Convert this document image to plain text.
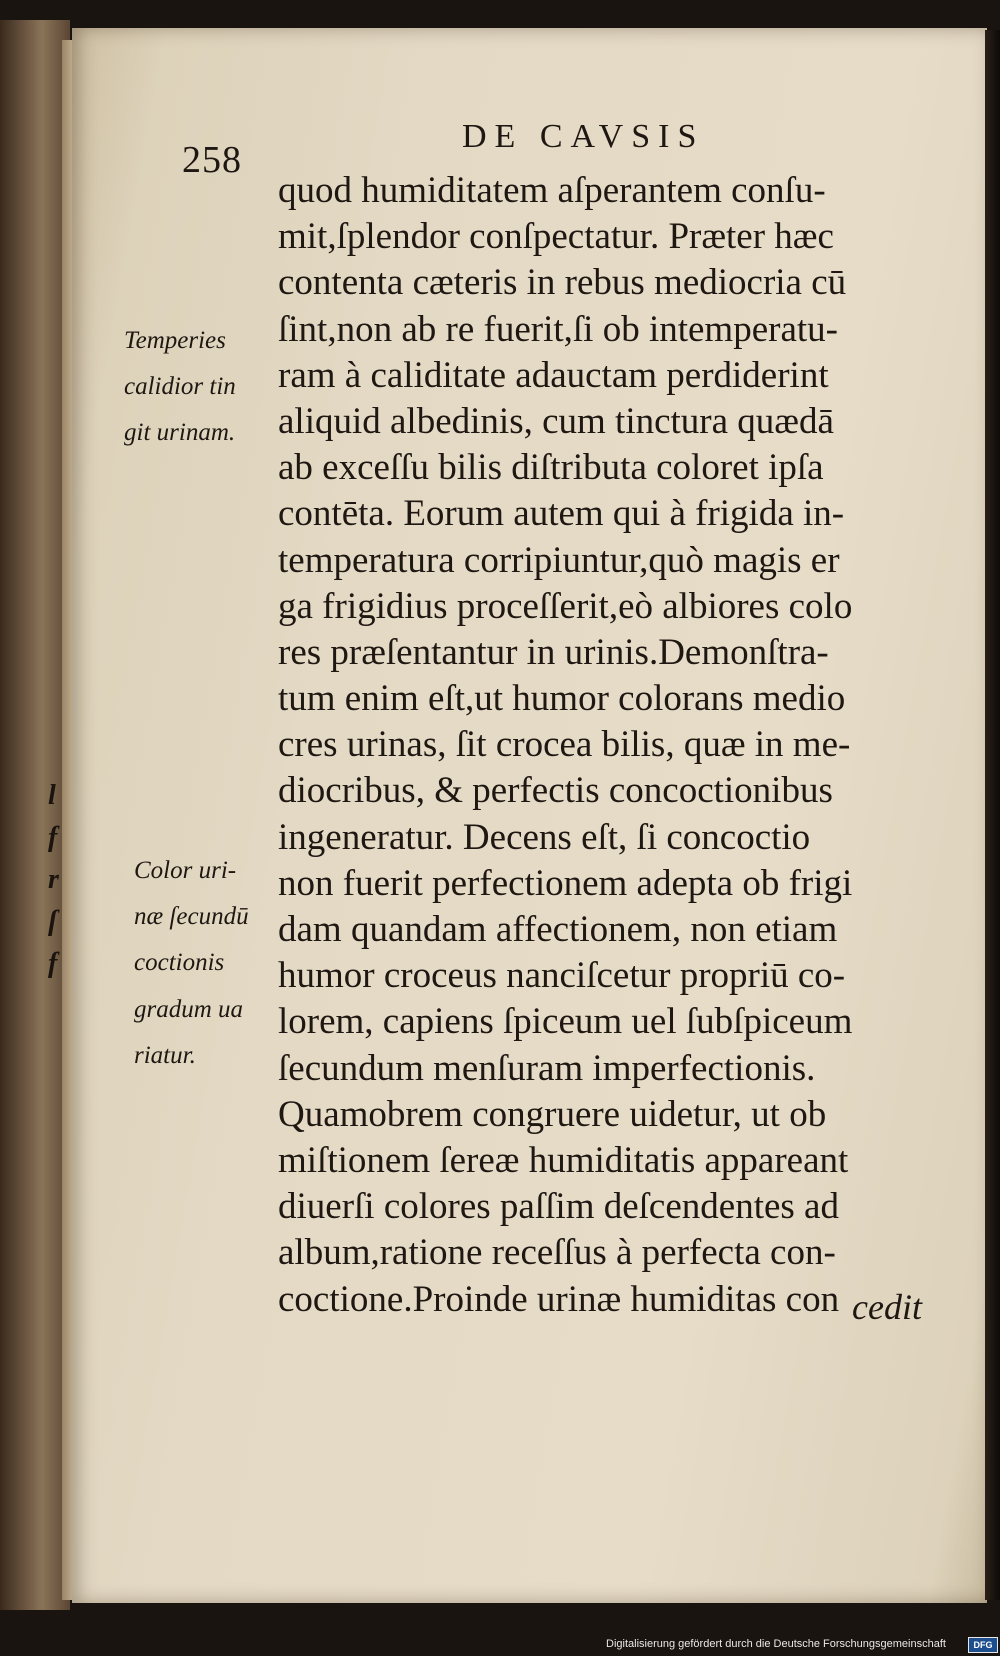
258
DE CAVSIS
quod humiditatem aſperantem conſu-
mit,ſplendor conſpectatur. Præter hæc
contenta cæteris in rebus mediocria cū
ſint,non ab re fuerit,ſi ob intemperatu-
ram à caliditate adauctam perdiderint
aliquid albedinis, cum tinctura quædā
ab exceſſu bilis diſtributa coloret ipſa
contēta. Eorum autem qui à frigida in-
temperatura corripiuntur,quò magis er
ga frigidius proceſſerit,eò albiores colo
res præſentantur in urinis.Demonſtra-
tum enim eſt,ut humor colorans medio
cres urinas, ſit crocea bilis, quæ in me-
diocribus, & perfectis concoctionibus
ingeneratur. Decens eſt, ſi concoctio
non fuerit perfectionem adepta ob frigi
dam quandam affectionem, non etiam
humor croceus nanciſcetur propriū co-
lorem, capiens ſpiceum uel ſubſpiceum
ſecundum menſuram imperfectionis.
Quamobrem congruere uidetur, ut ob
miſtionem ſereæ humiditatis appareant
diuerſi colores paſſim deſcendentes ad
album,ratione receſſus à perfecta con-
coctione.Proinde urinæ humiditas con cedit
Temperies
calidior tin
git urinam.
Color uri-
næ ſecundū
coctionis
gradum ua
riatur.
l
f
r
ſ
f
Digitalisierung gefördert durch die Deutsche Forschungsgemeinschaft	DFG
